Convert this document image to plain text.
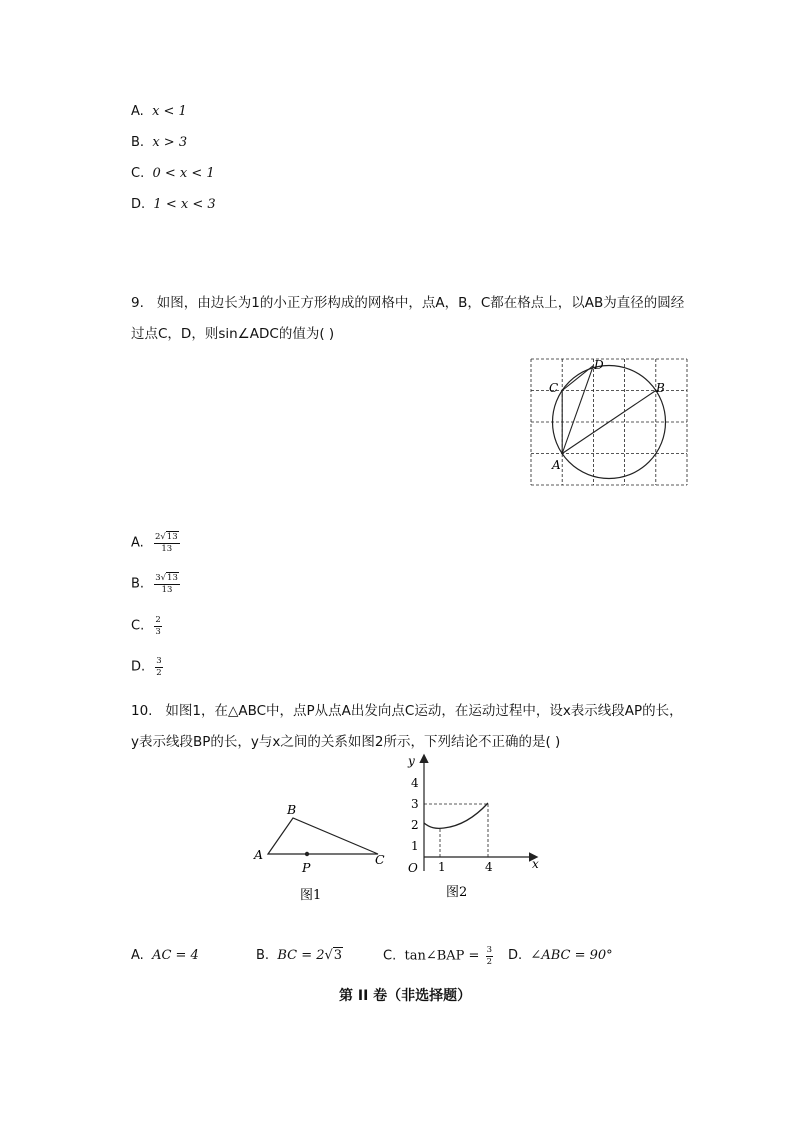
A. x < 1
B. x > 3
C. 0 < x < 1
D. 1 < x < 3
9. 如图，由边长为1的小正方形构成的网格中，点A，B，C都在格点上，以AB为直径的圆经
过点C，D，则sin∠ADC的值为( )
A
B
C
D
A. $\frac{2√13}{13}$
B. $\frac{3√13}{13}$
C. $\frac{2}{3}$
D. $\frac{3}{2}$
10. 如图1，在△ABC中，点P从点A出发向点C运动，在运动过程中，设x表示线段AP的长，
y表示线段BP的长，y与x之间的关系如图2所示，下列结论不正确的是( )
A
B
C
P
图1
y
x
O
4
3
2
1
1	4
图2
A. AC = 4	B. BC = 2√3	C. tan∠BAP = $\frac{3}{2} D$. ∠ABC = 90°
第 II 卷（非选择题）
